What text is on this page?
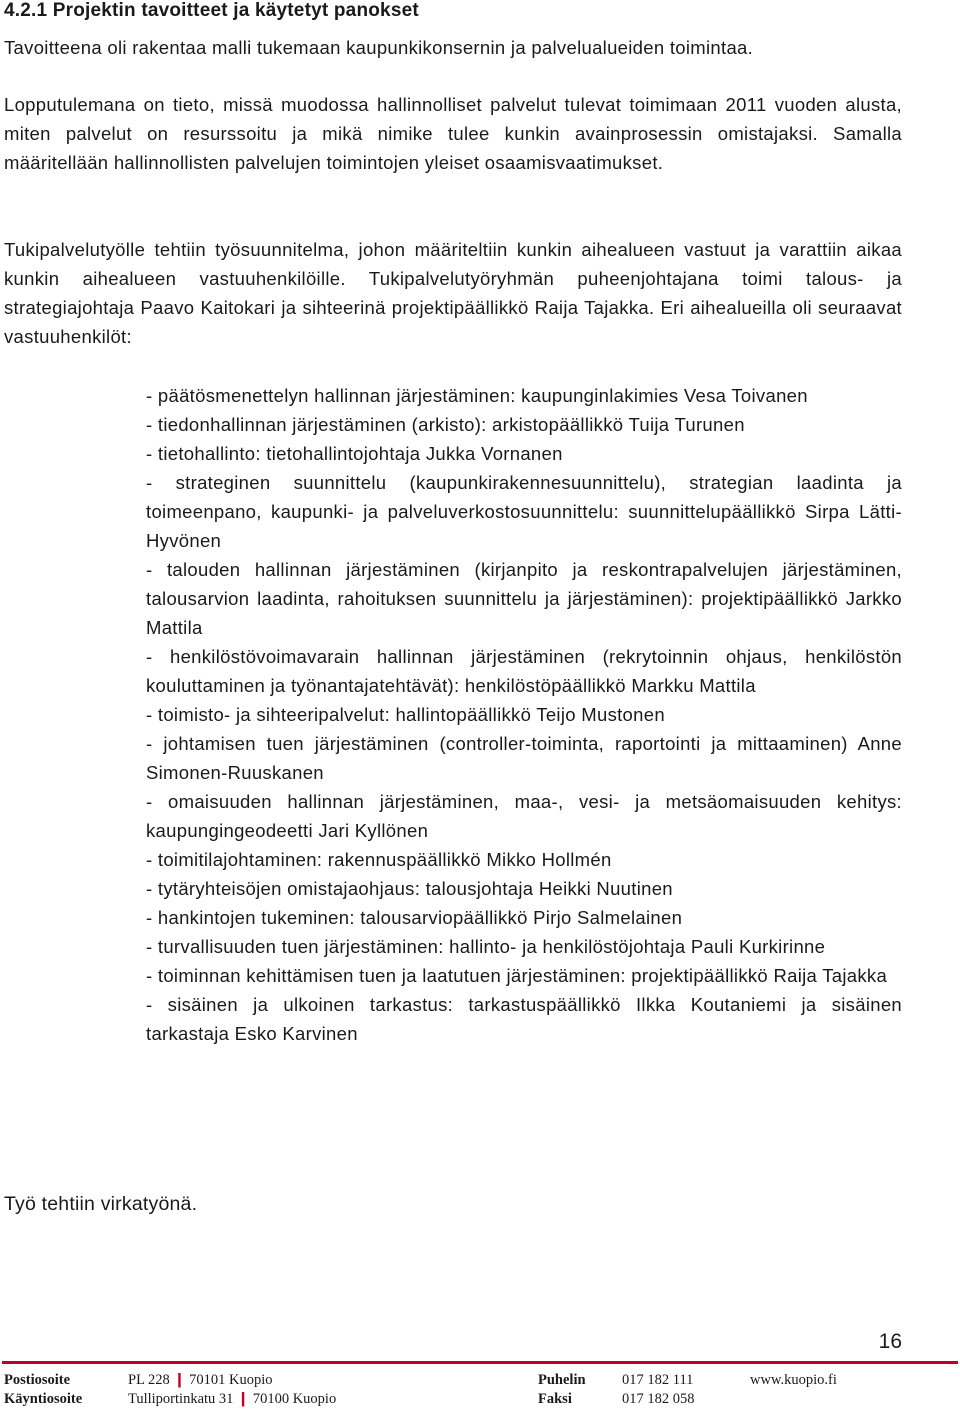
4.2.1 Projektin tavoitteet ja käytetyt panokset

Tavoitteena oli rakentaa malli tukemaan kaupunkikonsernin ja palvelualueiden toimintaa.

Lopputulemana on tieto, missä muodossa hallinnolliset palvelut tulevat toimimaan 2011 vuoden alusta, miten palvelut on resurssoitu ja mikä nimike tulee kunkin avainprosessin omistajaksi. Samalla määritellään hallinnollisten palvelujen toimintojen yleiset osaamisvaatimukset.

Tukipalvelutyölle tehtiin työsuunnitelma, johon määriteltiin kunkin aihealueen vastuut ja varattiin aikaa kunkin aihealueen vastuuhenkilöille. Tukipalvelutyöryhmän puheenjohtajana toimi talous- ja strategiajohtaja Paavo Kaitokari ja sihteerinä projektipäällikkö Raija Tajakka. Eri aihealueilla oli seuraavat vastuuhenkilöt:

- päätösmenettelyn hallinnan järjestäminen: kaupunginlakimies Vesa Toivanen
- tiedonhallinnan järjestäminen (arkisto): arkistopäällikkö Tuija Turunen
- tietohallinto: tietohallintojohtaja Jukka Vornanen
- strateginen suunnittelu (kaupunkirakennesuunnittelu), strategian laadinta ja toimeenpano, kaupunki- ja palveluverkostosuunnittelu: suunnittelupäällikkö Sirpa Lätti-Hyvönen
- talouden hallinnan järjestäminen (kirjanpito ja reskontrapalvelujen järjestäminen, talousarvion laadinta, rahoituksen suunnittelu ja järjestäminen): projektipäällikkö Jarkko Mattila
- henkilöstövoimavarain hallinnan järjestäminen (rekrytoinnin ohjaus, henkilöstön kouluttaminen ja työnantajatehtävät): henkilöstöpäällikkö Markku Mattila
- toimisto- ja sihteeripalvelut: hallintopäällikkö Teijo Mustonen
- johtamisen tuen järjestäminen (controller-toiminta, raportointi ja mittaaminen) Anne Simonen-Ruuskanen
- omaisuuden hallinnan järjestäminen, maa-, vesi- ja metsäomaisuuden kehitys: kaupungingeodeetti Jari Kyllönen
- toimitilajohtaminen: rakennuspäällikkö Mikko Hollmén
- tytäryhteisöjen omistajaohjaus: talousjohtaja Heikki Nuutinen
- hankintojen tukeminen: talousarviopäällikkö Pirjo Salmelainen
- turvallisuuden tuen järjestäminen: hallinto- ja henkilöstöjohtaja Pauli Kurkirinne
- toiminnan kehittämisen tuen ja laatutuen järjestäminen: projektipäällikkö Raija Tajakka
- sisäinen ja ulkoinen tarkastus: tarkastuspäällikkö Ilkka Koutaniemi ja sisäinen tarkastaja Esko Karvinen
Työ tehtiin virkatyönä.
16
Postiosoite	PL 228 ❙ 70101 Kuopio	Puhelin	017 182 111	www.kuopio.fi
Käyntiosoite	Tulliportinkatu 31 ❙ 70100 Kuopio	Faksi	017 182 058
